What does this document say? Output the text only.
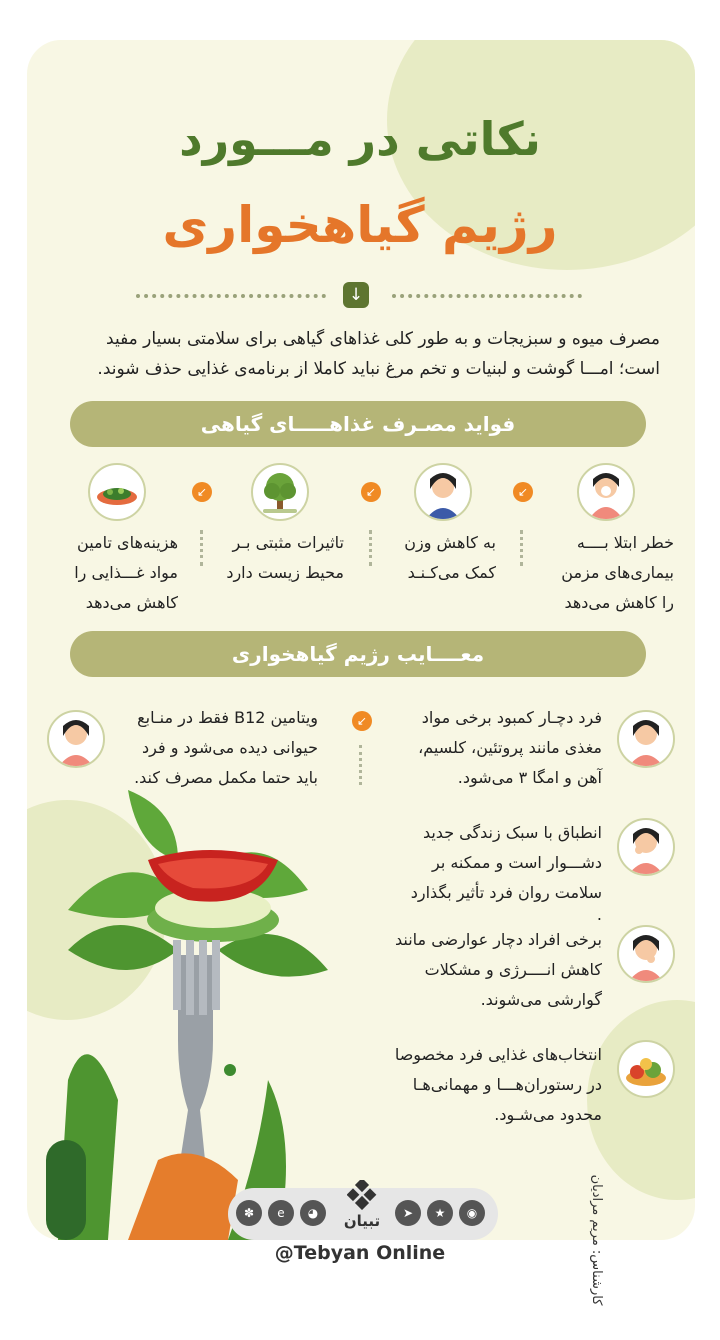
نکاتی در مـــورد
رژیم گیاهخواری
↓
مصرف میوه و سبزیجات و به طور کلی غذاهای گیاهی برای سلامتی بسیار مفید
است؛ امـــا گوشت و لبنیات و تخم مرغ نباید کاملا از برنامه‌ی غذایی حذف شوند.
فواید مصـرف غذاهـــــای گیاهی
↙
↙
↙
خطر ابتلا بــــه
بیماری‌های مزمن
را کاهش می‌دهد
به کاهش وزن
کمک می‌کـنـد
تاثیرات مثبتی بـر
محیط زیست دارد
هزینه‌های تامین
مواد غـــذایی را
کاهش می‌دهد
معــــایب رژیم گیاهخواری
↙	فرد دچـار کمبود برخی مواد
مغذی مانند پروتئین، کلسیم،
آهن و امگا ۳ می‌شود.
انطباق با سبک زندگی جدید
دشـــوار است و ممکنه بر
سلامت روان فرد تأثیر بگذارد
.
برخی افراد دچار عوارضی مانند
کاهش انــــرژی و مشکلات
گوارشی می‌شوند.
انتخاب‌های غذایی فرد مخصوصا
در رستوران‌هـــا و مهمانی‌هـا
محدود می‌شـود.
ویتامین B12 فقط در منـابع
حیوانی دیده می‌شود و فرد
باید حتما مکمل مصرف کند.
کارشناس: مریم مرادیان
✽	e	◕	➤	★	◉
تبیان
@Tebyan Online
